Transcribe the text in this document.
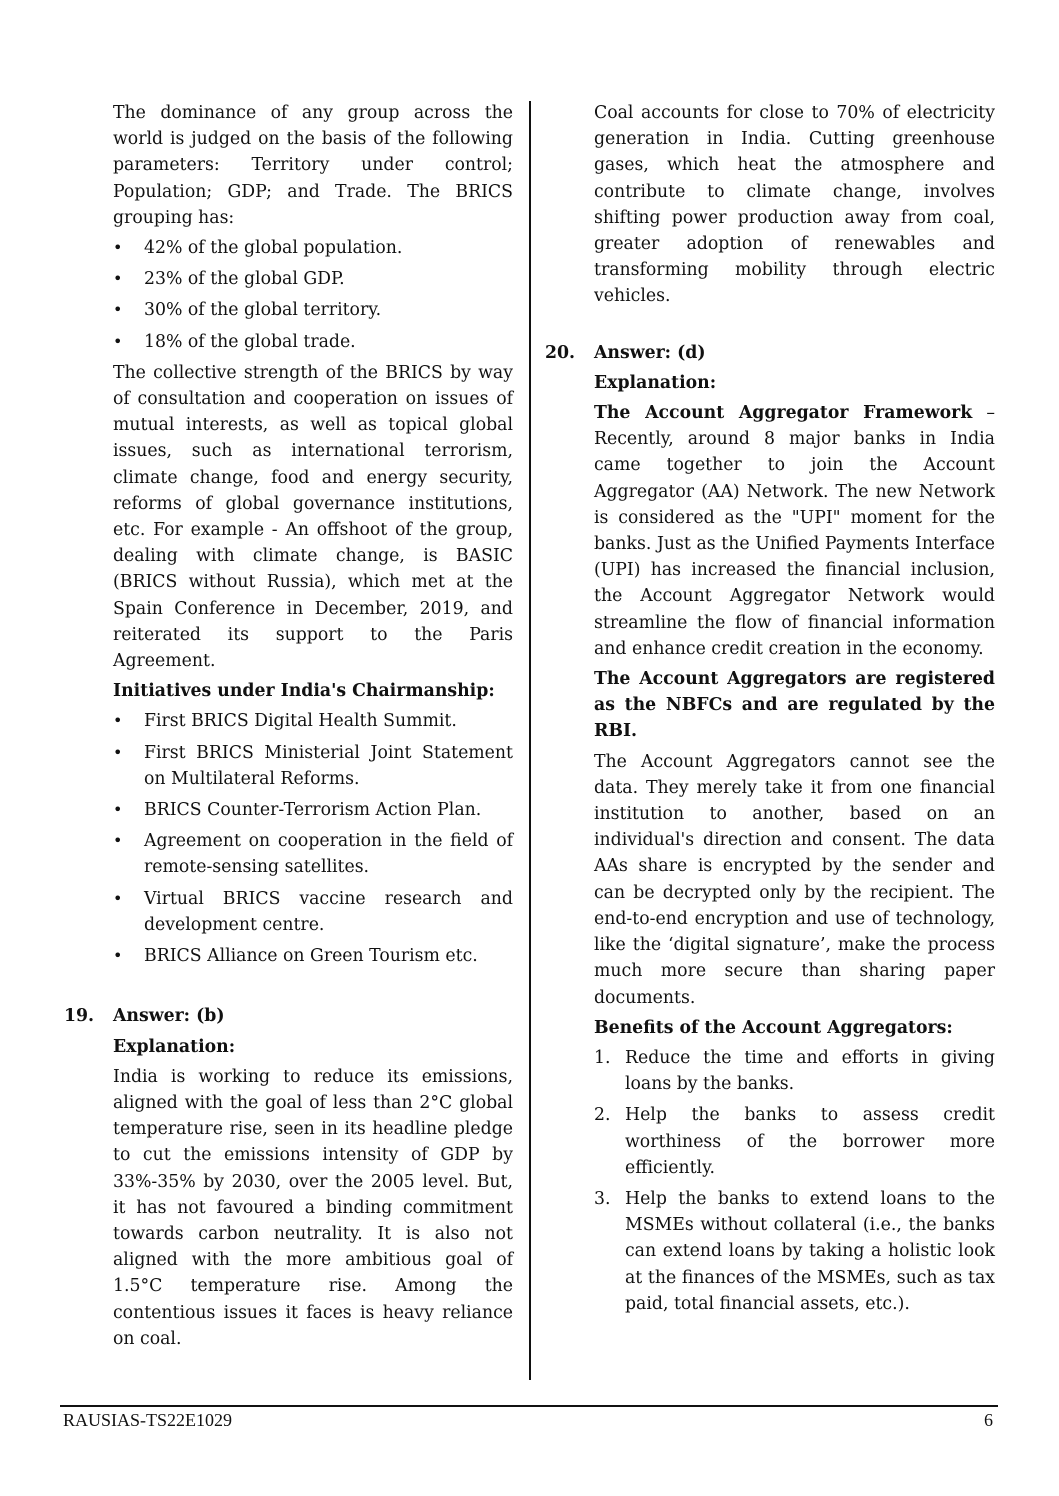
The dominance of any group across the world is judged on the basis of the following parameters: Territory under control; Population; GDP; and Trade. The BRICS grouping has:

• 42% of the global population.
• 23% of the global GDP.
• 30% of the global territory.
• 18% of the global trade.

The collective strength of the BRICS by way of consultation and cooperation on issues of mutual interests, as well as topical global issues, such as international terrorism, climate change, food and energy security, reforms of global governance institutions, etc. For example - An offshoot of the group, dealing with climate change, is BASIC (BRICS without Russia), which met at the Spain Conference in December, 2019, and reiterated its support to the Paris Agreement.

Initiatives under India's Chairmanship:

• First BRICS Digital Health Summit.
• First BRICS Ministerial Joint Statement on Multilateral Reforms.
• BRICS Counter-Terrorism Action Plan.
• Agreement on cooperation in the field of remote-sensing satellites.
• Virtual BRICS vaccine research and development centre.
• BRICS Alliance on Green Tourism etc.
19. Answer: (b)

Explanation:

India is working to reduce its emissions, aligned with the goal of less than 2°C global temperature rise, seen in its headline pledge to cut the emissions intensity of GDP by 33%-35% by 2030, over the 2005 level. But, it has not favoured a binding commitment towards carbon neutrality. It is also not aligned with the more ambitious goal of 1.5°C temperature rise. Among the contentious issues it faces is heavy reliance on coal.

Coal accounts for close to 70% of electricity generation in India. Cutting greenhouse gases, which heat the atmosphere and contribute to climate change, involves shifting power production away from coal, greater adoption of renewables and transforming mobility through electric vehicles.

20. Answer: (d)

Explanation:

The Account Aggregator Framework – Recently, around 8 major banks in India came together to join the Account Aggregator (AA) Network. The new Network is considered as the "UPI" moment for the banks. Just as the Unified Payments Interface (UPI) has increased the financial inclusion, the Account Aggregator Network would streamline the flow of financial information and enhance credit creation in the economy.

The Account Aggregators are registered as the NBFCs and are regulated by the RBI.

The Account Aggregators cannot see the data. They merely take it from one financial institution to another, based on an individual's direction and consent. The data AAs share is encrypted by the sender and can be decrypted only by the recipient. The end-to-end encryption and use of technology, like the ‘digital signature’, make the process much more secure than sharing paper documents.

Benefits of the Account Aggregators:

1. Reduce the time and efforts in giving loans by the banks.
2. Help the banks to assess credit worthiness of the borrower more efficiently.
3. Help the banks to extend loans to the MSMEs without collateral (i.e., the banks can extend loans by taking a holistic look at the finances of the MSMEs, such as tax paid, total financial assets, etc.).
RAUSIAS-TS22E1029	6
